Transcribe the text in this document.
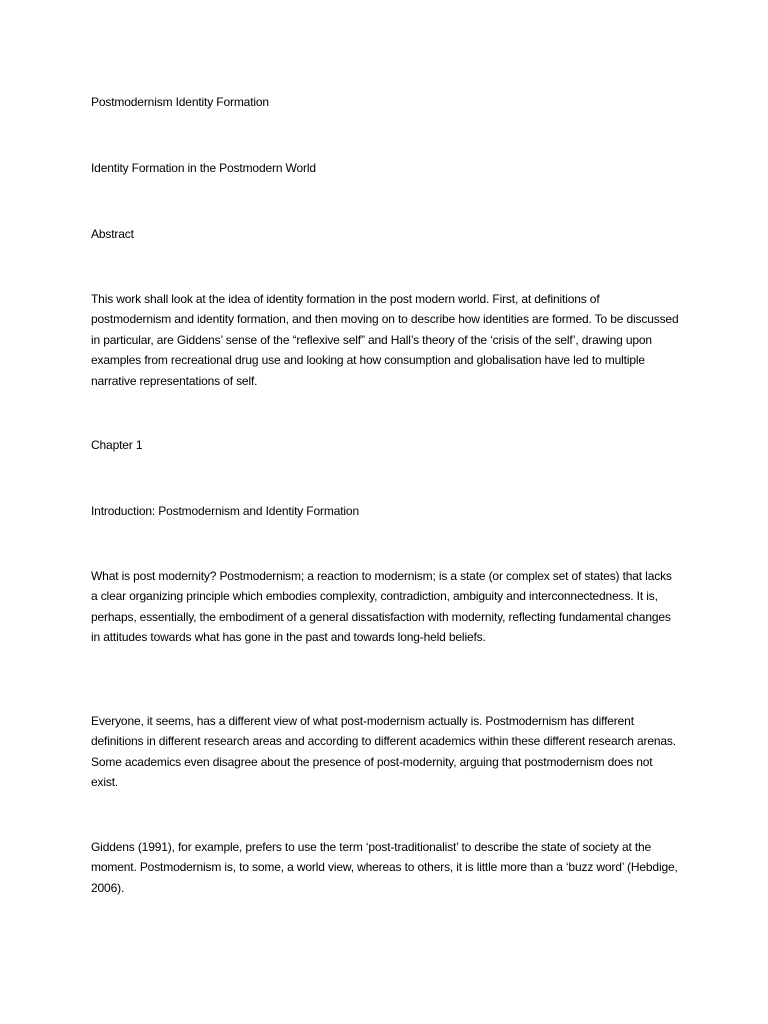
Postmodernism Identity Formation

Identity Formation in the Postmodern World

Abstract

This work shall look at the idea of identity formation in the post modern world. First, at definitions of postmodernism and identity formation, and then moving on to describe how identities are formed. To be discussed in particular, are Giddens’ sense of the “reflexive self” and Hall’s theory of the ‘crisis of the self’, drawing upon examples from recreational drug use and looking at how consumption and globalisation have led to multiple narrative representations of self.

Chapter 1

Introduction: Postmodernism and Identity Formation

What is post modernity? Postmodernism; a reaction to modernism; is a state (or complex set of states) that lacks a clear organizing principle which embodies complexity, contradiction, ambiguity and interconnectedness. It is, perhaps, essentially, the embodiment of a general dissatisfaction with modernity, reflecting fundamental changes in attitudes towards what has gone in the past and towards long-held beliefs.

Everyone, it seems, has a different view of what post-modernism actually is. Postmodernism has different definitions in different research areas and according to different academics within these different research arenas. Some academics even disagree about the presence of post-modernity, arguing that postmodernism does not exist.

Giddens (1991), for example, prefers to use the term ‘post-traditionalist’ to describe the state of society at the moment. Postmodernism is, to some, a world view, whereas to others, it is little more than a ‘buzz word’ (Hebdige, 2006).
